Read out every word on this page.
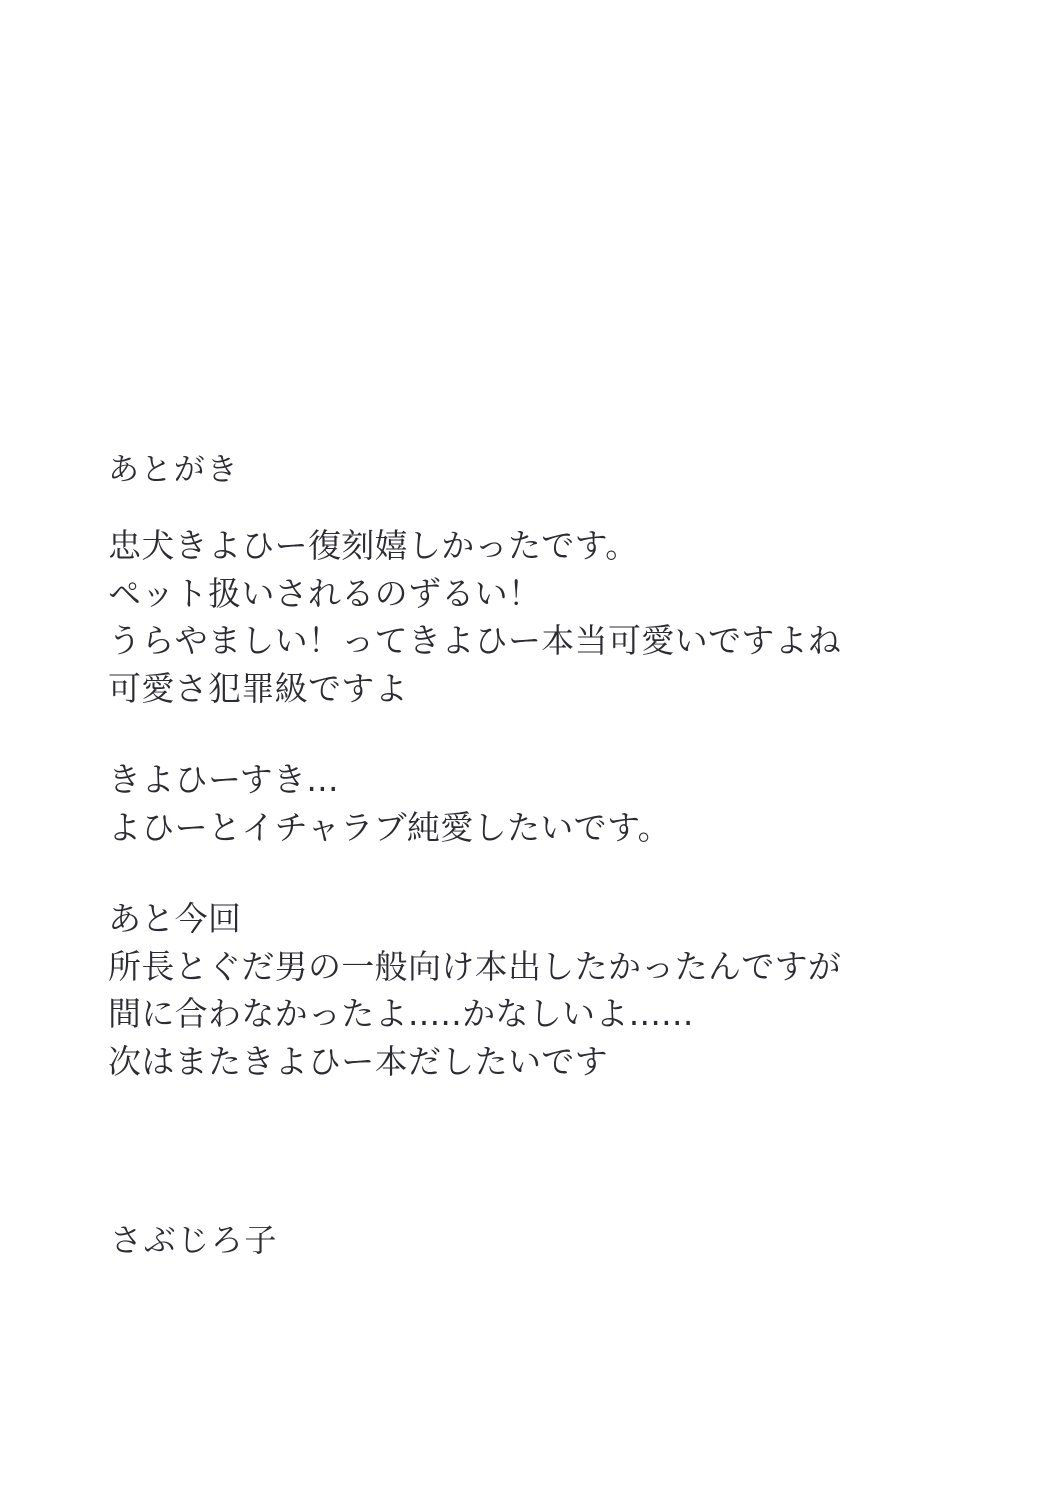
あとがき
忠犬きよひー復刻嬉しかったです。
ペット扱いされるのずるい！
うらやましい！ってきよひー本当可愛いですよね
可愛さ犯罪級ですよ
きよひーすき...
よひーとイチャラブ純愛したいです。
あと今回
所長とぐだ男の一般向け本出したかったんですが
間に合わなかったよ.....かなしいよ......
次はまたきよひー本だしたいです
さぶじろ子
